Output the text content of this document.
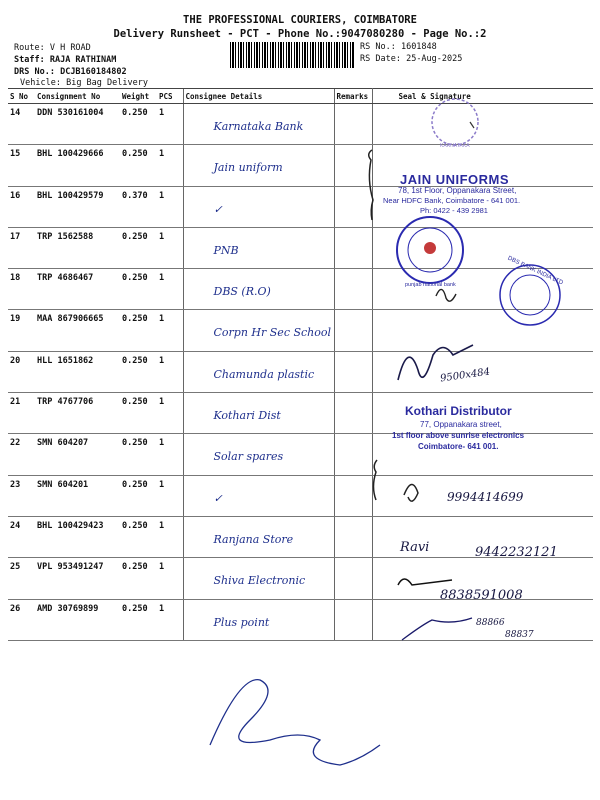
THE PROFESSIONAL COURIERS, COIMBATORE
Delivery Runsheet - PCT - Phone No.:9047080280 - Page No.:2
Route: V H ROAD
Staff: RAJA RATHINAM
DRS No.: DCJB160184802
Vehicle: Big Bag Delivery
RS No.: 1601848
RS Date: 25-Aug-2025
S No	Consignment No	Weight	PCS	Consignee Details	Remarks	Seal & Signature
14	DDN 530161004	0.250	1	Karnataka Bank		

15	BHL 100429666	0.250	1	Jain uniform		

16	BHL 100429579	0.370	1	✓		

17	TRP 1562588	0.250	1	PNB		

18	TRP 4686467	0.250	1	DBS (R.O)		

19	MAA 867906665	0.250	1	Corpn Hr Sec School		

20	HLL 1651862	0.250	1	Chamunda plastic		

21	TRP 4767706	0.250	1	Kothari Dist		

22	SMN 604207	0.250	1	Solar spares		

23	SMN 604201	0.250	1	✓		

24	BHL 100429423	0.250	1	Ranjana Store		

25	VPL 953491247	0.250	1	Shiva Electronic		

26	AMD 30769899	0.250	1	Plus point		

KARNATAKA
JAIN UNIFORMS
78, 1st Floor, Oppanakara Street,
Near HDFC Bank, Coimbatore - 641 001.
Ph: 0422 - 439 2981
punjab national bank	DBS BANK INDIA LTD
Kothari Distributor
77, Oppanakara street,
1st floor above sunrise electronics
Coimbatore- 641 001.
9500x484
9994414699
Ravi	9442232121
8838591008
88866
88837
